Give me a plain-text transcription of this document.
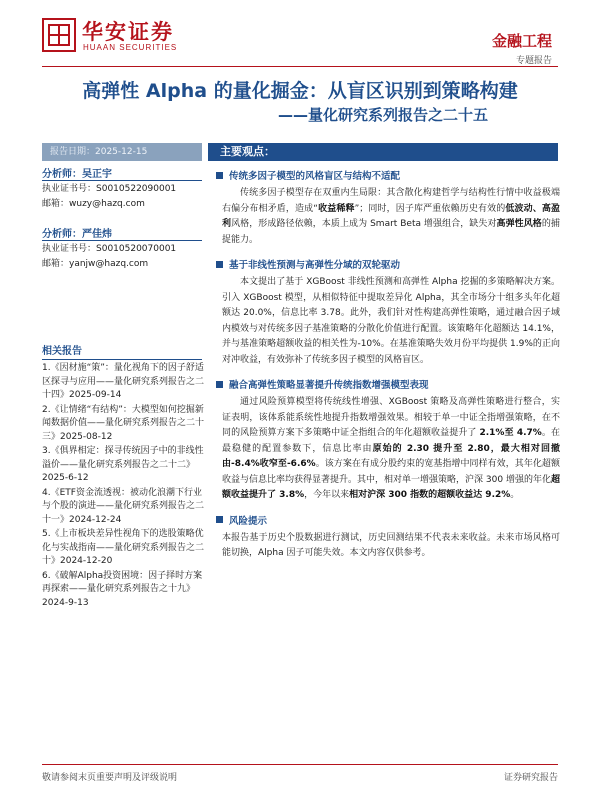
华安证券
HUAAN SECURITIES	金融工程
专题报告
高弹性 Alpha 的量化掘金：从盲区识别到策略构建
——量化研究系列报告之二十五
报告日期：2025-12-15	主要观点：
分析师：吴正宇
执业证书号：S0010522090001
邮箱：wuzy@hazq.com
分析师：严佳炜
执业证书号：S0010520070001
邮箱：yanjw@hazq.com
相关报告
1.《因材施“策”：量化视角下的因子舒适区探寻与应用——量化研究系列报告之二十四》2025-09-14
2.《让情绪“有结构”：大模型如何挖掘新闻数据价值——量化研究系列报告之二十三》2025-08-12
3.《俱界相定：探寻传统因子中的非线性溢价——量化研究系列报告之二十二》2025-6-12
4.《ETF资金流透视：被动化浪潮下行业与个股的演进——量化研究系列报告之二十一》2024-12-24
5.《上市板块差异性视角下的选股策略优化与实战指南——量化研究系列报告之二十》2024-12-20
6.《破解Alpha投资困境：因子择时方案再探索——量化研究系列报告之十九》2024-9-13
传统多因子模型的风格盲区与结构不适配

传统多因子模型存在双重内生局限：其含散化构建哲学与结构性行情中收益极端右偏分布相矛盾，造成“收益稀释”；同时，因子库严重依赖历史有效的低波动、高盈利风格，形成路径依赖，本质上成为 Smart Beta 增强组合，缺失对高弹性风格的捕捉能力。

基于非线性预测与高弹性分域的双轮驱动

本文提出了基于 XGBoost 非线性预测和高弹性 Alpha 挖掘的多策略解决方案。引入 XGBoost 模型，从相似特征中提取差异化 Alpha，其全市场分十组多头年化超额达 20.0%，信息比率 3.78。此外，我们针对性构建高弹性策略，通过融合因子域内模效与对传统多因子基准策略的分散化价值进行配置。该策略年化超额达 14.1%，并与基准策略超额收益的相关性为-10%。在基准策略失效月份平均提供 1.9%的正向对冲收益，有效弥补了传统多因子模型的风格盲区。

融合高弹性策略显著提升传统指数增强模型表现

通过风险预算模型将传统线性增强、XGBoost 策略及高弹性策略进行整合，实证表明，该体系能系统性地提升指数增强效果。相较于单一中证全指增强策略，在不同的风险预算方案下多策略中证全指组合的年化超额收益提升了 2.1%至 4.7%。在最稳健的配置参数下，信息比率由原始的 2.30 提升至 2.80，最大相对回撤由-8.4%收窄至-6.6%。该方案在有成分股约束的宽基指增中同样有效，其年化超额收益与信息比率均获得显著提升。其中，相对单一增强策略，沪深 300 增强的年化超额收益提升了 3.8%，今年以来相对沪深 300 指数的超额收益达 9.2%。

风险提示

本报告基于历史个股数据进行测试，历史回测结果不代表未来收益。未来市场风格可能切换，Alpha 因子可能失效。本文内容仅供参考。

敬请参阅末页重要声明及评级说明	证券研究报告
